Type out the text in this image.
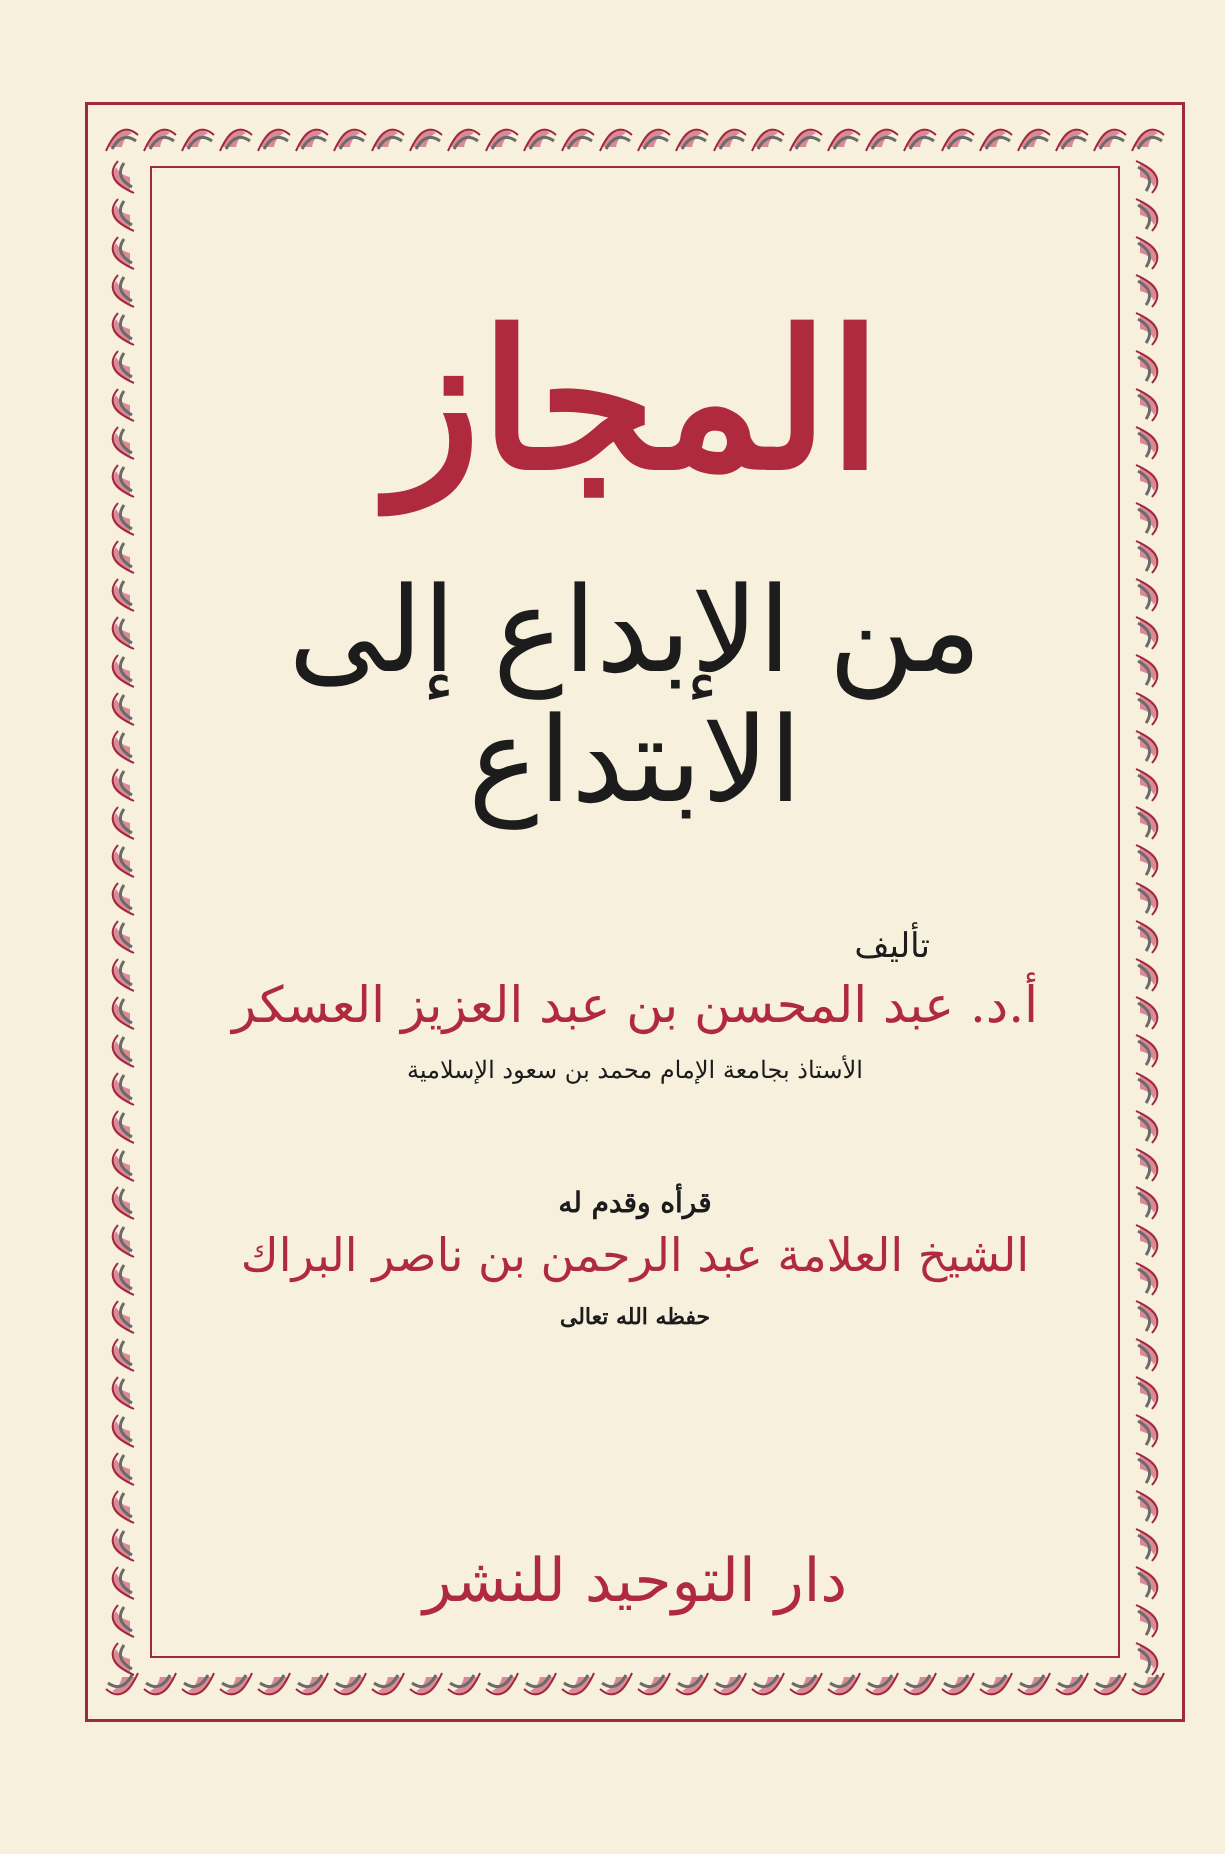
المجاز
من الإبداع إلى الابتداع
تأليف
أ.د. عبد المحسن بن عبد العزيز العسكر
الأستاذ بجامعة الإمام محمد بن سعود الإسلامية
قرأه وقدم له
الشيخ العلامة عبد الرحمن بن ناصر البراك
حفظه الله تعالى
دار التوحيد للنشر
